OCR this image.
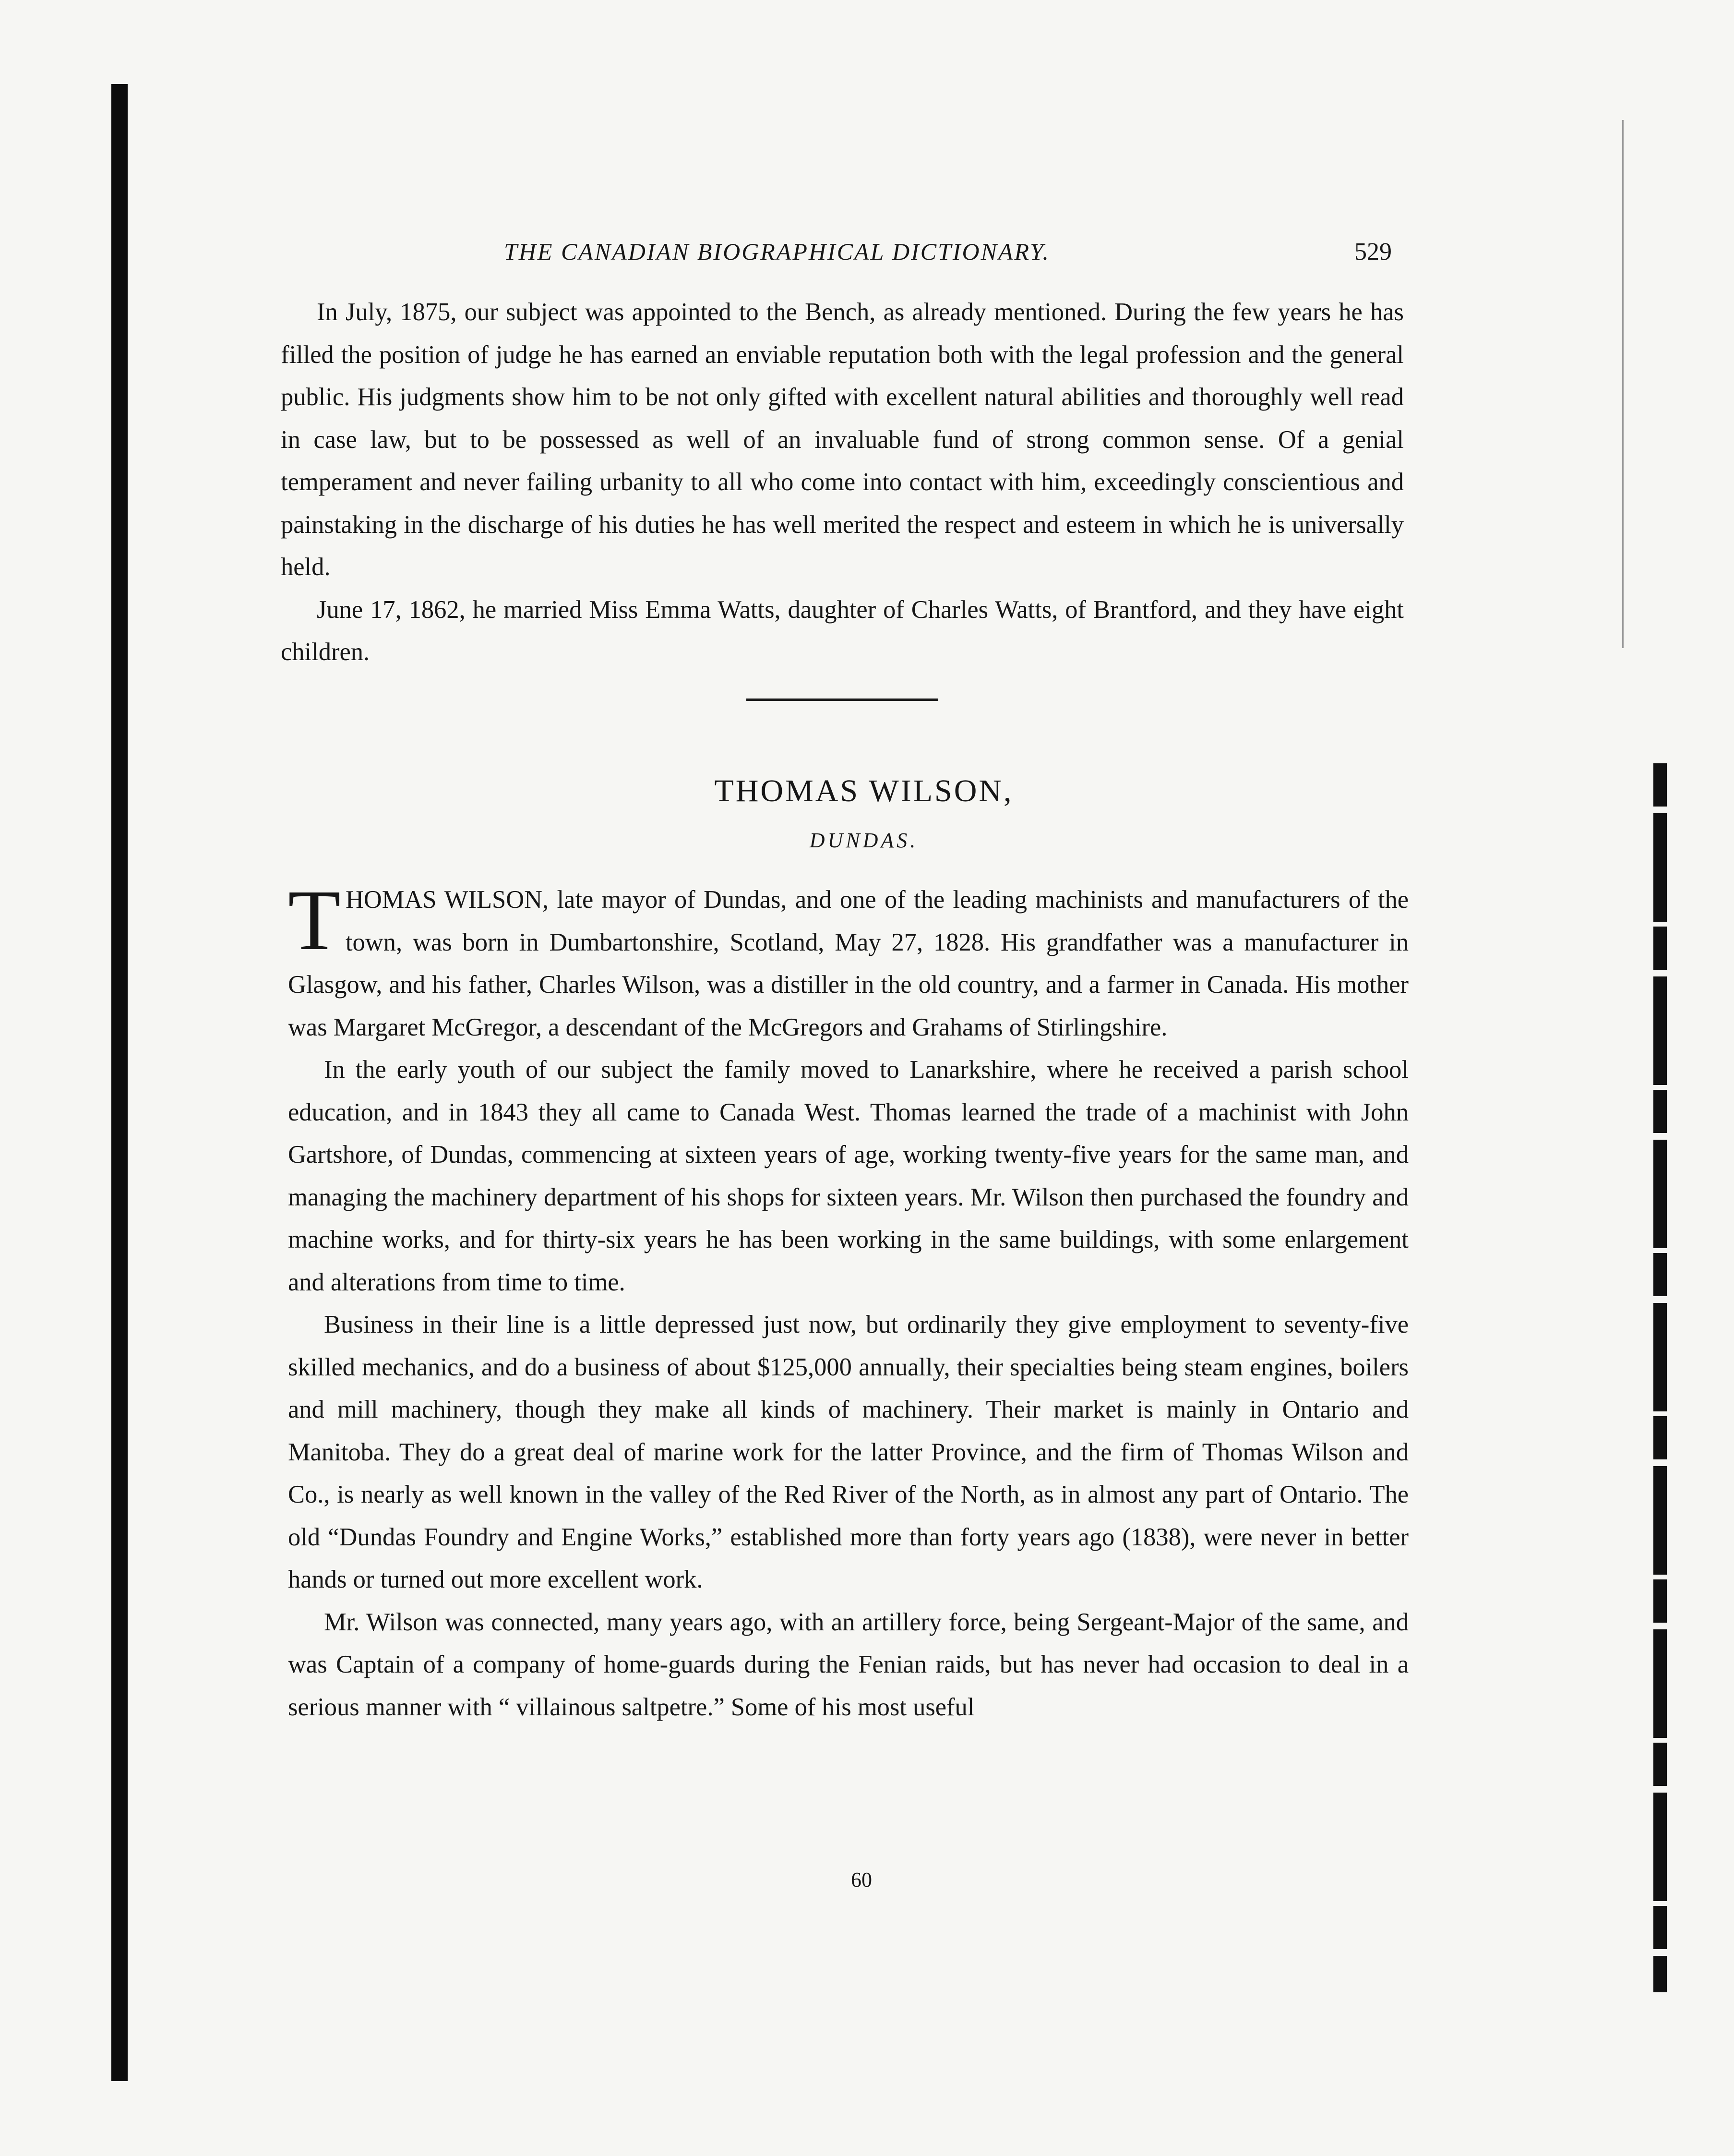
THE CANADIAN BIOGRAPHICAL DICTIONARY.	529

In July, 1875, our subject was appointed to the Bench, as already mentioned. During the few years he has filled the position of judge he has earned an enviable reputation both with the legal profession and the general public. His judgments show him to be not only gifted with excellent natural abilities and thoroughly well read in case law, but to be possessed as well of an invaluable fund of strong common sense. Of a genial temperament and never failing urbanity to all who come into contact with him, exceedingly conscientious and painstaking in the discharge of his duties he has well merited the respect and esteem in which he is universally held.

June 17, 1862, he married Miss Emma Watts, daughter of Charles Watts, of Brantford, and they have eight children.

THOMAS WILSON,
DUNDAS.

THOMAS WILSON, late mayor of Dundas, and one of the leading machinists and manufacturers of the town, was born in Dumbartonshire, Scotland, May 27, 1828. His grandfather was a manufacturer in Glasgow, and his father, Charles Wilson, was a distiller in the old country, and a farmer in Canada. His mother was Margaret McGregor, a descendant of the McGregors and Grahams of Stirlingshire.

In the early youth of our subject the family moved to Lanarkshire, where he received a parish school education, and in 1843 they all came to Canada West. Thomas learned the trade of a machinist with John Gartshore, of Dundas, commencing at sixteen years of age, working twenty-five years for the same man, and managing the machinery department of his shops for sixteen years. Mr. Wilson then purchased the foundry and machine works, and for thirty-six years he has been working in the same buildings, with some enlargement and alterations from time to time.

Business in their line is a little depressed just now, but ordinarily they give employment to seventy-five skilled mechanics, and do a business of about $125,000 annually, their specialties being steam engines, boilers and mill machinery, though they make all kinds of machinery. Their market is mainly in Ontario and Manitoba. They do a great deal of marine work for the latter Province, and the firm of Thomas Wilson and Co., is nearly as well known in the valley of the Red River of the North, as in almost any part of Ontario. The old “Dundas Foundry and Engine Works,” established more than forty years ago (1838), were never in better hands or turned out more excellent work.

Mr. Wilson was connected, many years ago, with an artillery force, being Sergeant-Major of the same, and was Captain of a company of home-guards during the Fenian raids, but has never had occasion to deal in a serious manner with “ villainous saltpetre.” Some of his most useful

60
